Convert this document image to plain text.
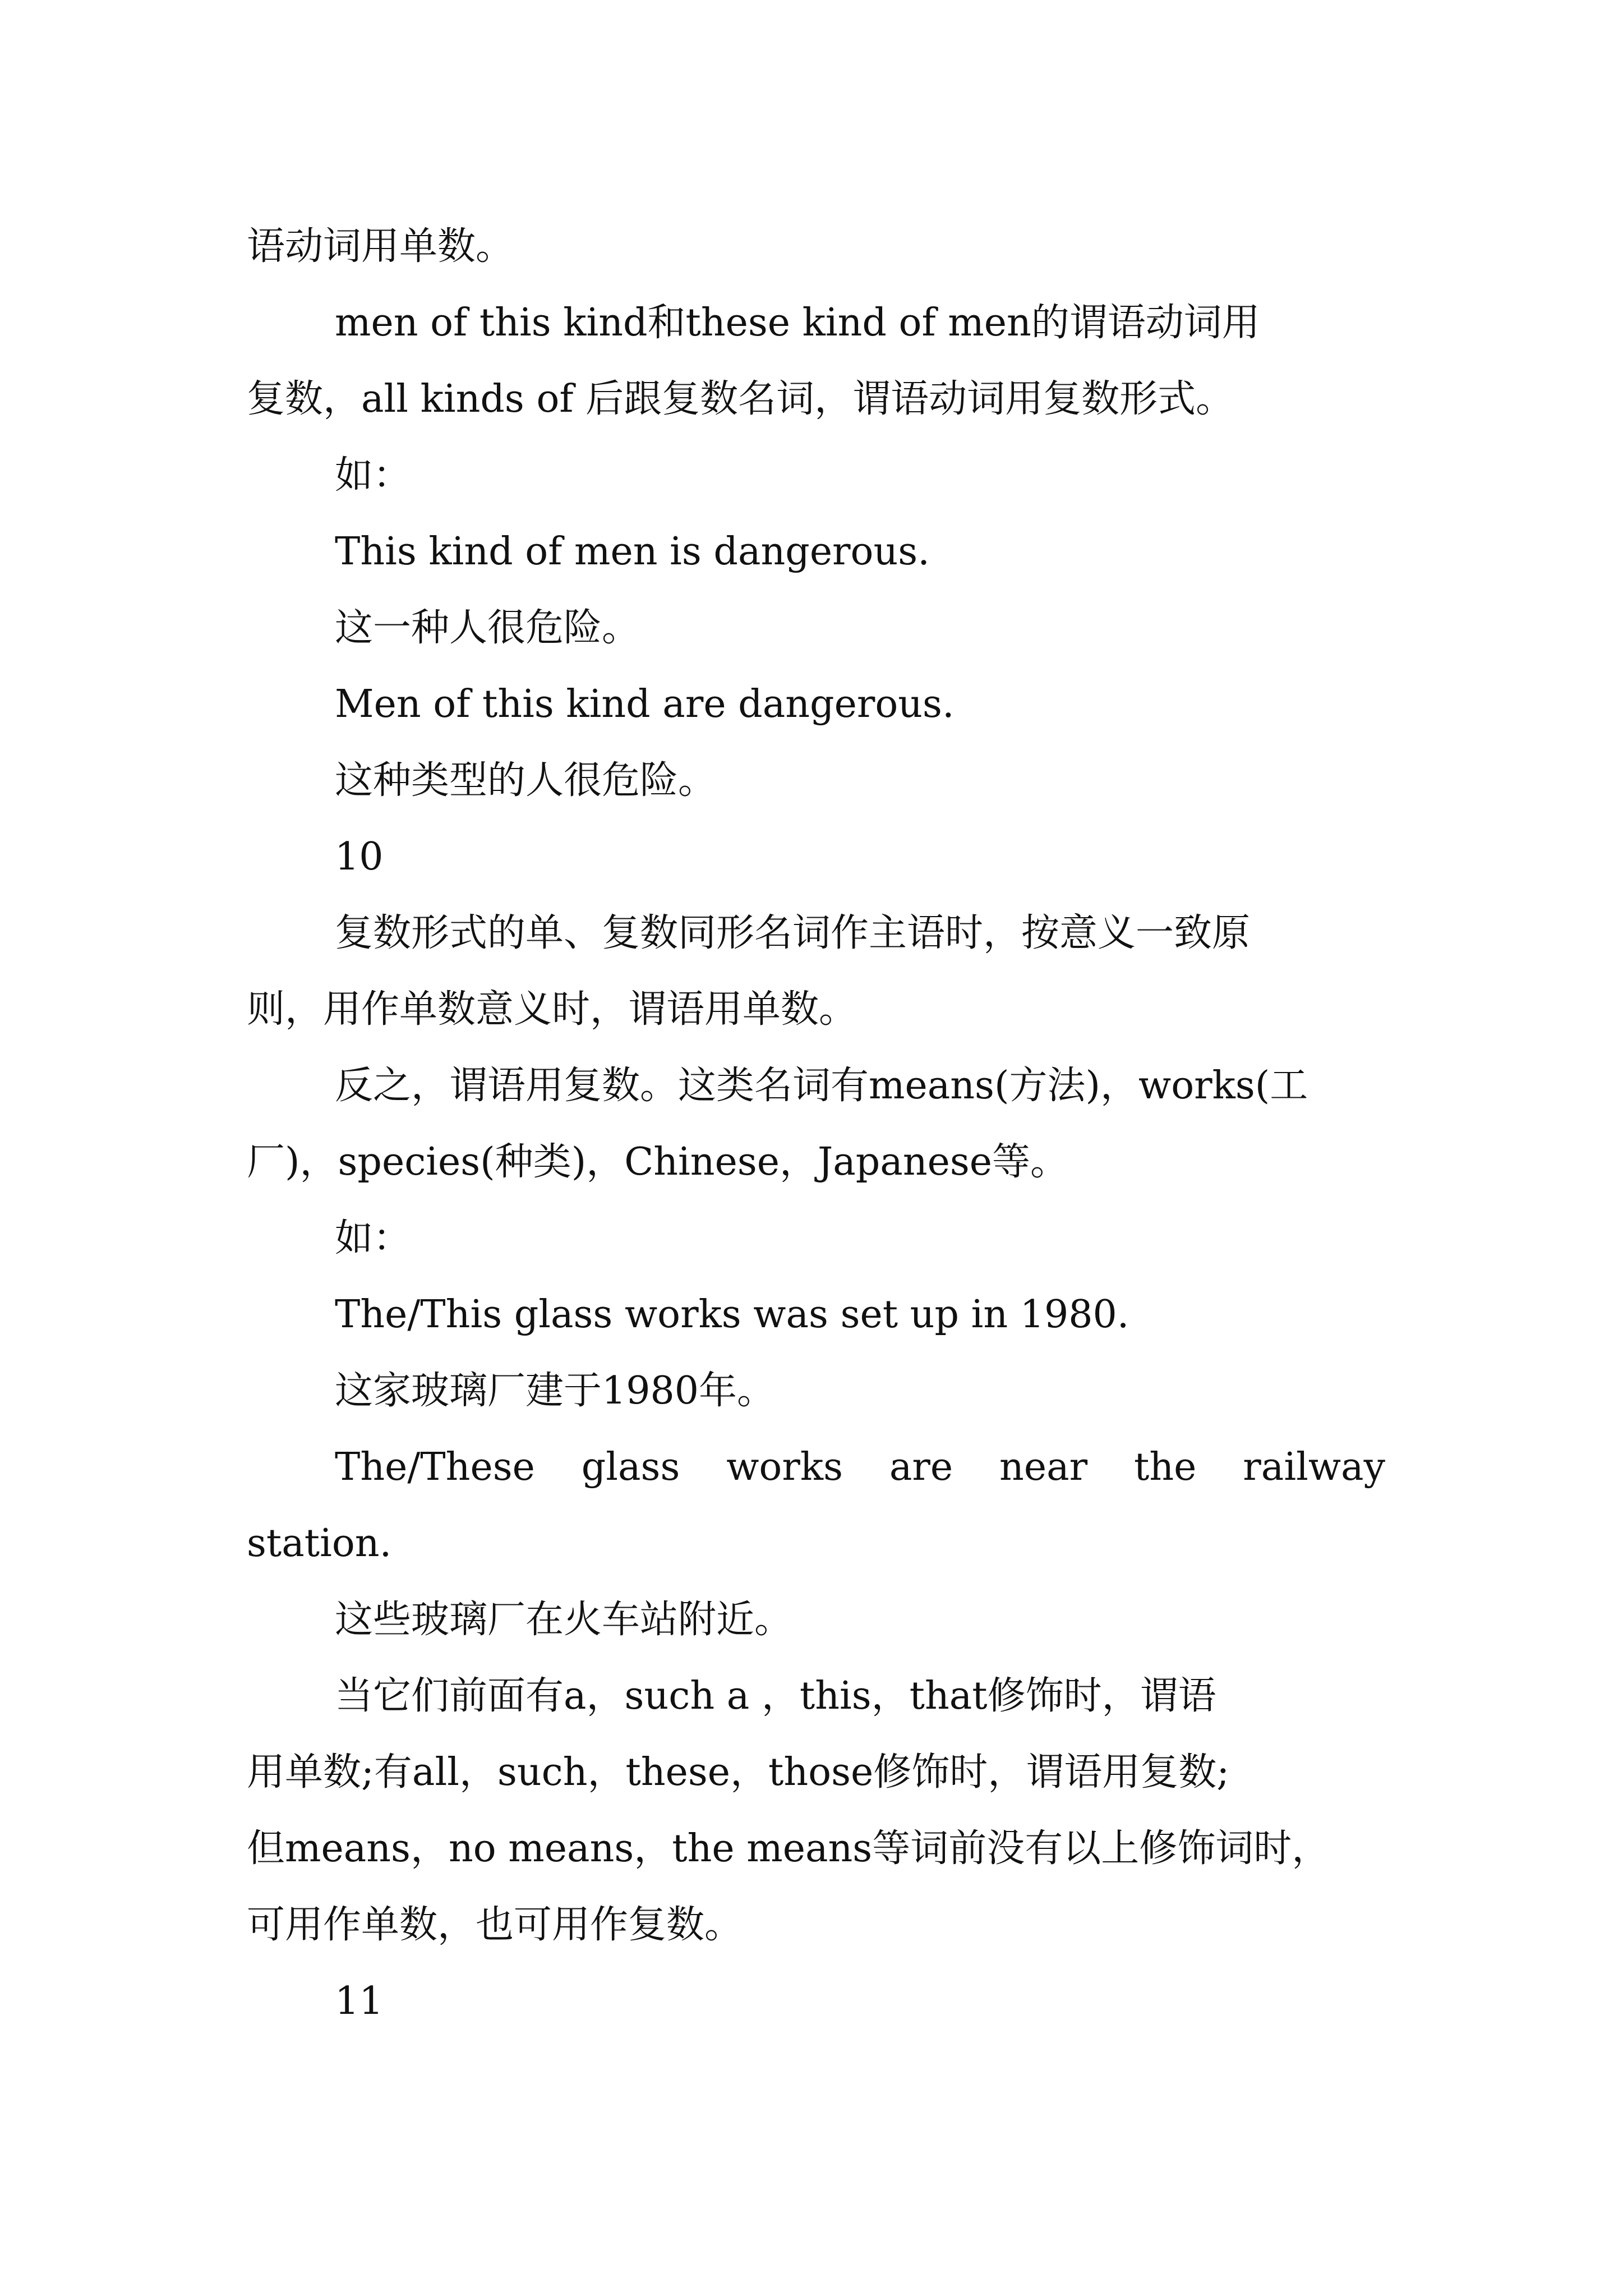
语动词用单数。
men of this kind和these kind of men的谓语动词用
复数，all kinds of 后跟复数名词，谓语动词用复数形式。
如：
This kind of men is dangerous.
这一种人很危险。
Men of this kind are dangerous.
这种类型的人很危险。
10
复数形式的单、复数同形名词作主语时，按意义一致原
则，用作单数意义时，谓语用单数。
反之，谓语用复数。这类名词有means(方法)，works(工
厂)，species(种类)，Chinese，Japanese等。
如：
The/This glass works was set up in 1980.
这家玻璃厂建于1980年。
The/These glass works are near the railway
station.
这些玻璃厂在火车站附近。
当它们前面有a，such a ，this，that修饰时，谓语
用单数;有all，such，these，those修饰时，谓语用复数;
但means，no means，the means等词前没有以上修饰词时，
可用作单数，也可用作复数。
11
